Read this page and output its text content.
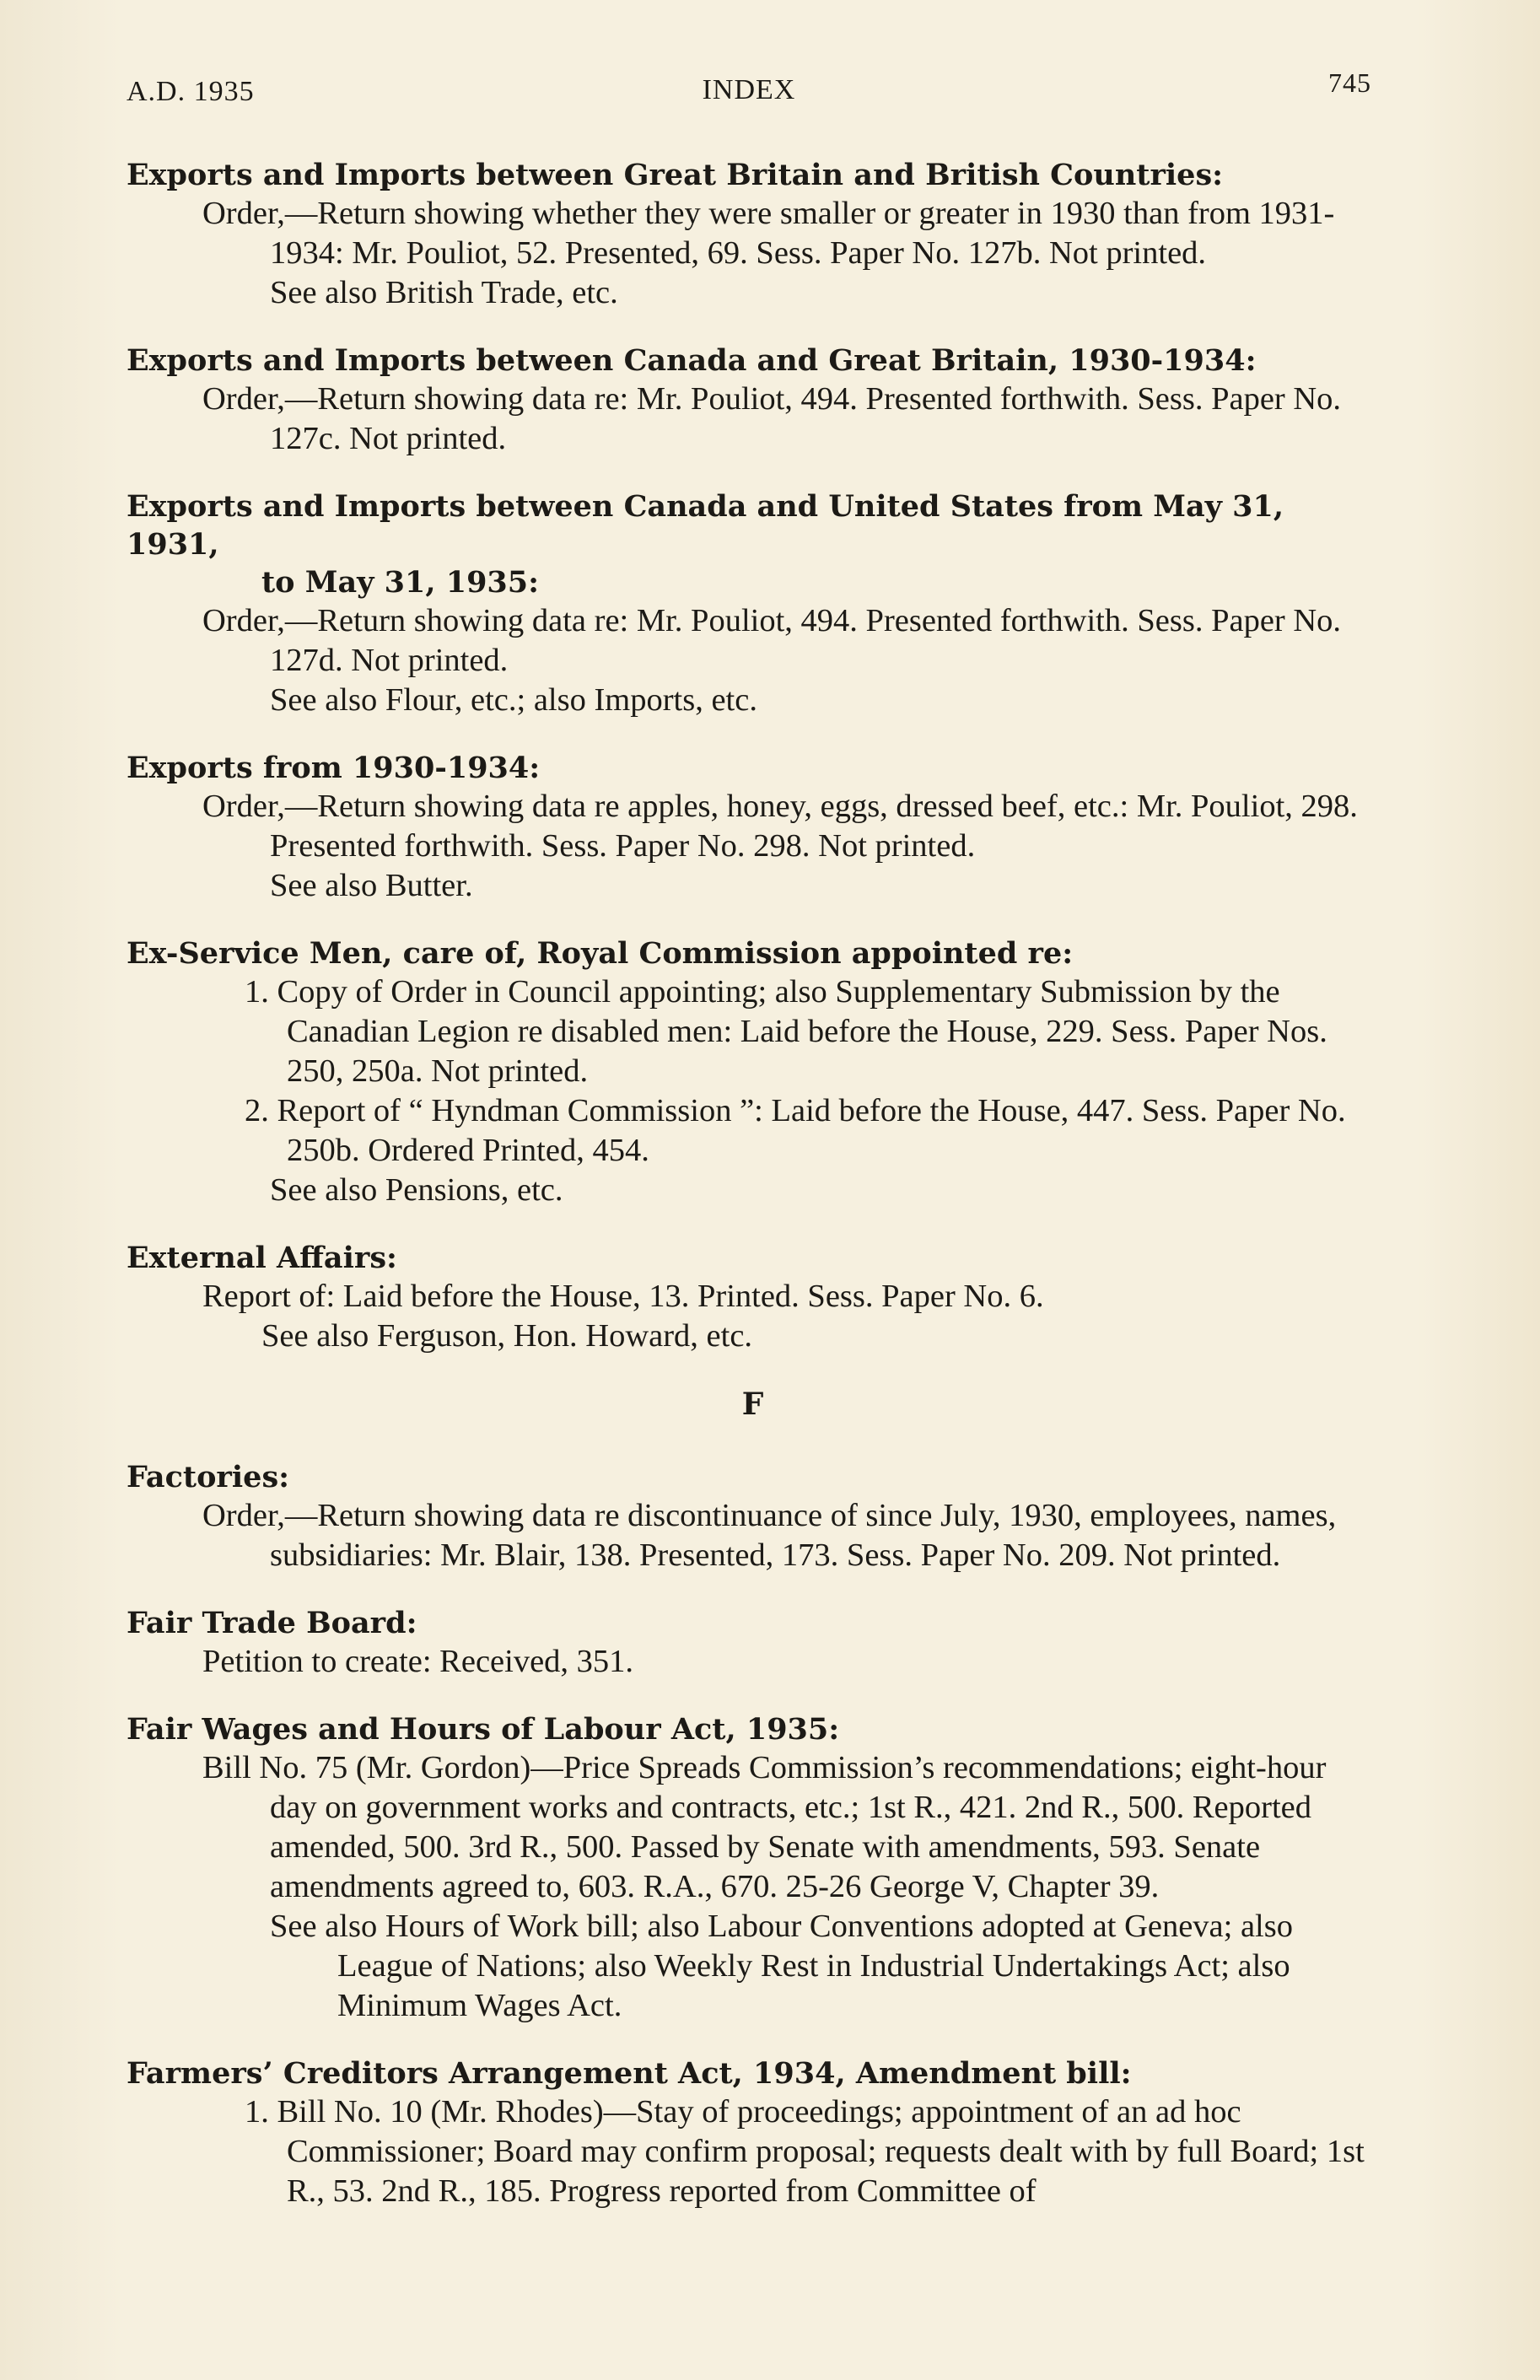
A.D. 1935	INDEX	745
Exports and Imports between Great Britain and British Countries:
Order,—Return showing whether they were smaller or greater in 1930 than from 1931-1934: Mr. Pouliot, 52. Presented, 69. Sess. Paper No. 127b. Not printed.
See also British Trade, etc.
Exports and Imports between Canada and Great Britain, 1930-1934:
Order,—Return showing data re: Mr. Pouliot, 494. Presented forthwith. Sess. Paper No. 127c. Not printed.
Exports and Imports between Canada and United States from May 31, 1931,
to May 31, 1935:
Order,—Return showing data re: Mr. Pouliot, 494. Presented forthwith. Sess. Paper No. 127d. Not printed.
See also Flour, etc.; also Imports, etc.
Exports from 1930-1934:
Order,—Return showing data re apples, honey, eggs, dressed beef, etc.: Mr. Pouliot, 298. Presented forthwith. Sess. Paper No. 298. Not printed.
See also Butter.
Ex-Service Men, care of, Royal Commission appointed re:
1. Copy of Order in Council appointing; also Supplementary Submission by the Canadian Legion re disabled men: Laid before the House, 229. Sess. Paper Nos. 250, 250a. Not printed.
2. Report of “ Hyndman Commission ”: Laid before the House, 447. Sess. Paper No. 250b. Ordered Printed, 454.
See also Pensions, etc.
External Affairs:
Report of: Laid before the House, 13. Printed. Sess. Paper No. 6.
See also Ferguson, Hon. Howard, etc.
F
Factories:
Order,—Return showing data re discontinuance of since July, 1930, employees, names, subsidiaries: Mr. Blair, 138. Presented, 173. Sess. Paper No. 209. Not printed.
Fair Trade Board:
Petition to create: Received, 351.
Fair Wages and Hours of Labour Act, 1935:
Bill No. 75 (Mr. Gordon)—Price Spreads Commission’s recommendations; eight-hour day on government works and contracts, etc.; 1st R., 421. 2nd R., 500. Reported amended, 500. 3rd R., 500. Passed by Senate with amendments, 593. Senate amendments agreed to, 603. R.A., 670. 25-26 George V, Chapter 39.
See also Hours of Work bill; also Labour Conventions adopted at Geneva; also League of Nations; also Weekly Rest in Industrial Undertakings Act; also Minimum Wages Act.
Farmers’ Creditors Arrangement Act, 1934, Amendment bill:
1. Bill No. 10 (Mr. Rhodes)—Stay of proceedings; appointment of an ad hoc Commissioner; Board may confirm proposal; requests dealt with by full Board; 1st R., 53. 2nd R., 185. Progress reported from Committee of
